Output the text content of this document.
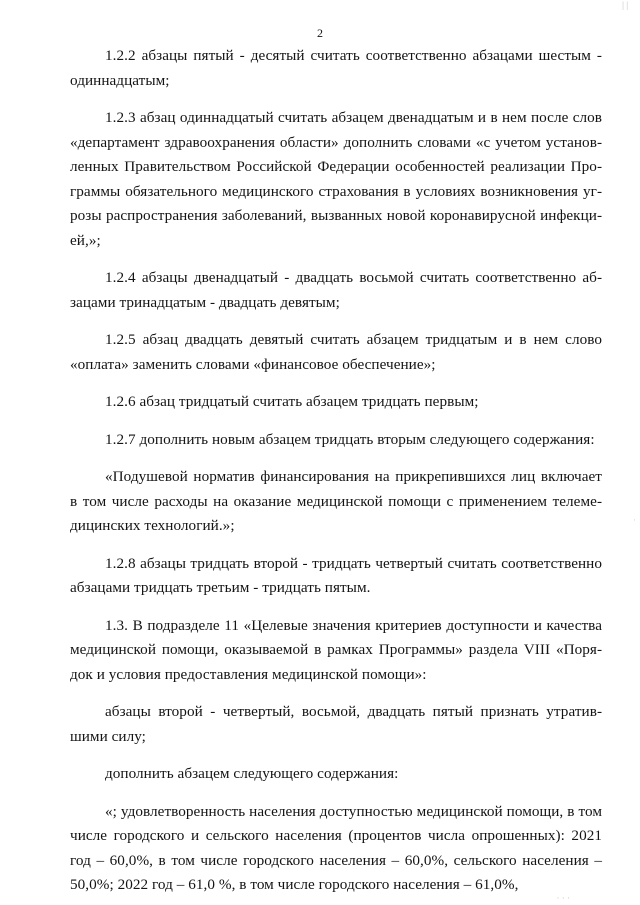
| |
2

1.2.2 абзацы пятый - десятый считать соответственно абзацами шестым - одиннадцатым;

1.2.3 абзац одиннадцатый считать абзацем двенадцатым и в нем после слов «департамент здравоохранения области» дополнить словами «с учетом установленных Правительством Российской Федерации особенностей реализации Программы обязательного медицинского страхования в условиях возникновения угрозы распространения заболеваний, вызванных новой коронавирусной инфекцией,»;

1.2.4 абзацы двенадцатый - двадцать восьмой считать соответственно абзацами тринадцатым - двадцать девятым;

1.2.5 абзац двадцать девятый считать абзацем тридцатым и в нем слово «оплата» заменить словами «финансовое обеспечение»;

1.2.6 абзац тридцатый считать абзацем тридцать первым;

1.2.7 дополнить новым абзацем тридцать вторым следующего содержания:

«Подушевой норматив финансирования на прикрепившихся лиц включает в том числе расходы на оказание медицинской помощи с применением телемедицинских технологий.»;

1.2.8 абзацы тридцать второй - тридцать четвертый считать соответственно абзацами тридцать третьим - тридцать пятым.

1.3. В подразделе 11 «Целевые значения критериев доступности и качества медицинской помощи, оказываемой в рамках Программы» раздела VIII «Порядок и условия предоставления медицинской помощи»:

абзацы второй - четвертый, восьмой, двадцать пятый признать утратившими силу;

дополнить абзацем следующего содержания:

«; удовлетворенность населения доступностью медицинской помощи, в том числе городского и сельского населения (процентов числа опрошенных): 2021 год – 60,0%, в том числе городского населения – 60,0%, сельского населения – 50,0%; 2022 год – 61,0 %, в том числе городского населения – 61,0%,

·
· · ·
